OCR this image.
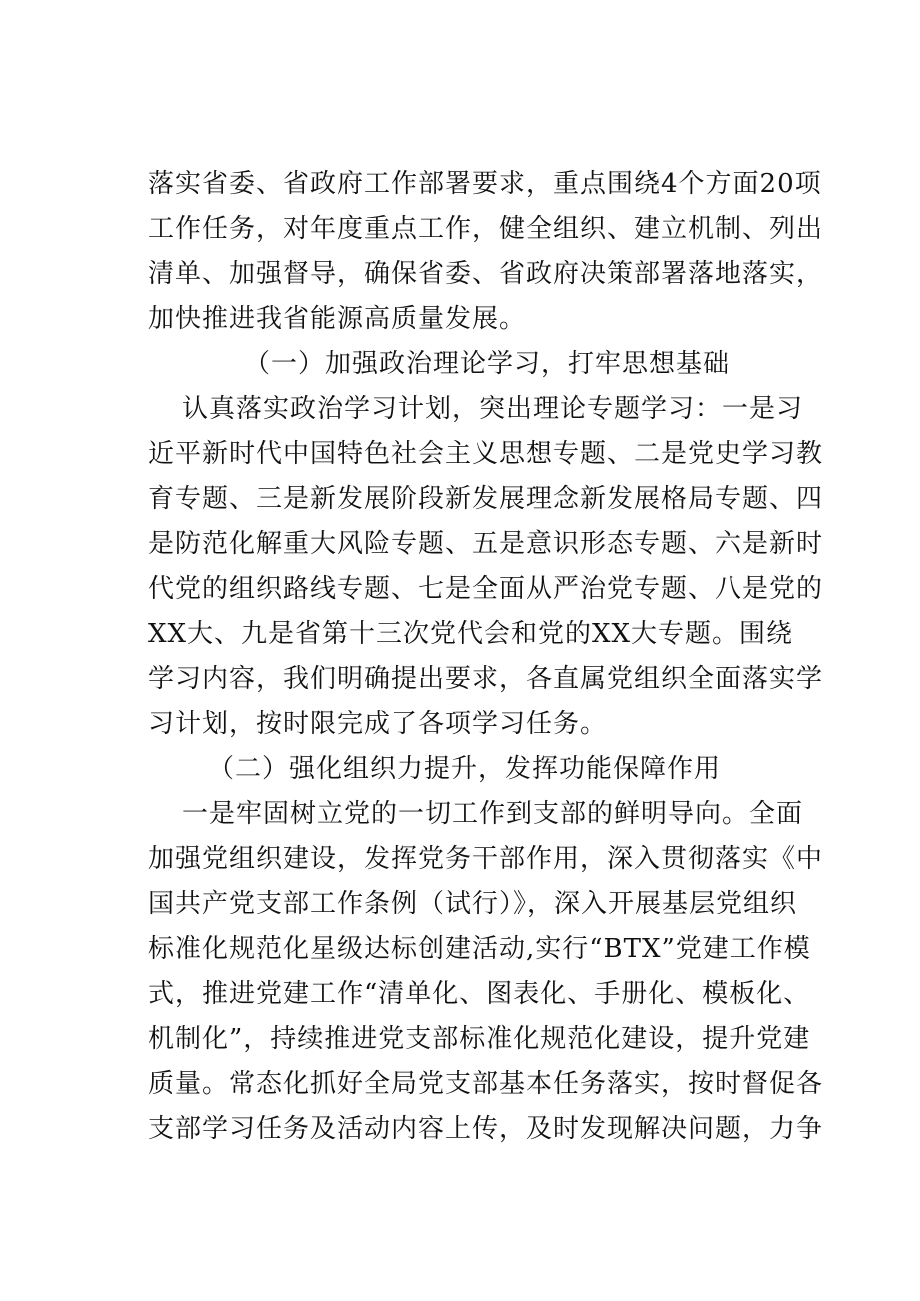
落实省委、省政府工作部署要求，重点围绕4个方面20项
工作任务，对年度重点工作，健全组织、建立机制、列出
清单、加强督导，确保省委、省政府决策部署落地落实，
加快推进我省能源高质量发展。
（一）加强政治理论学习，打牢思想基础
认真落实政治学习计划，突出理论专题学习：一是习
近平新时代中国特色社会主义思想专题、二是党史学习教
育专题、三是新发展阶段新发展理念新发展格局专题、四
是防范化解重大风险专题、五是意识形态专题、六是新时
代党的组织路线专题、七是全面从严治党专题、八是党的
XX大、九是省第十三次党代会和党的XX大专题。围绕
学习内容，我们明确提出要求，各直属党组织全面落实学
习计划，按时限完成了各项学习任务。
（二）强化组织力提升，发挥功能保障作用
一是牢固树立党的一切工作到支部的鲜明导向。全面
加强党组织建设，发挥党务干部作用，深入贯彻落实《中
国共产党支部工作条例（试行）》，深入开展基层党组织
标准化规范化星级达标创建活动,实行“BTX”党建工作模
式，推进党建工作“清单化、图表化、手册化、模板化、
机制化”，持续推进党支部标准化规范化建设，提升党建
质量。常态化抓好全局党支部基本任务落实，按时督促各
支部学习任务及活动内容上传，及时发现解决问题，力争
